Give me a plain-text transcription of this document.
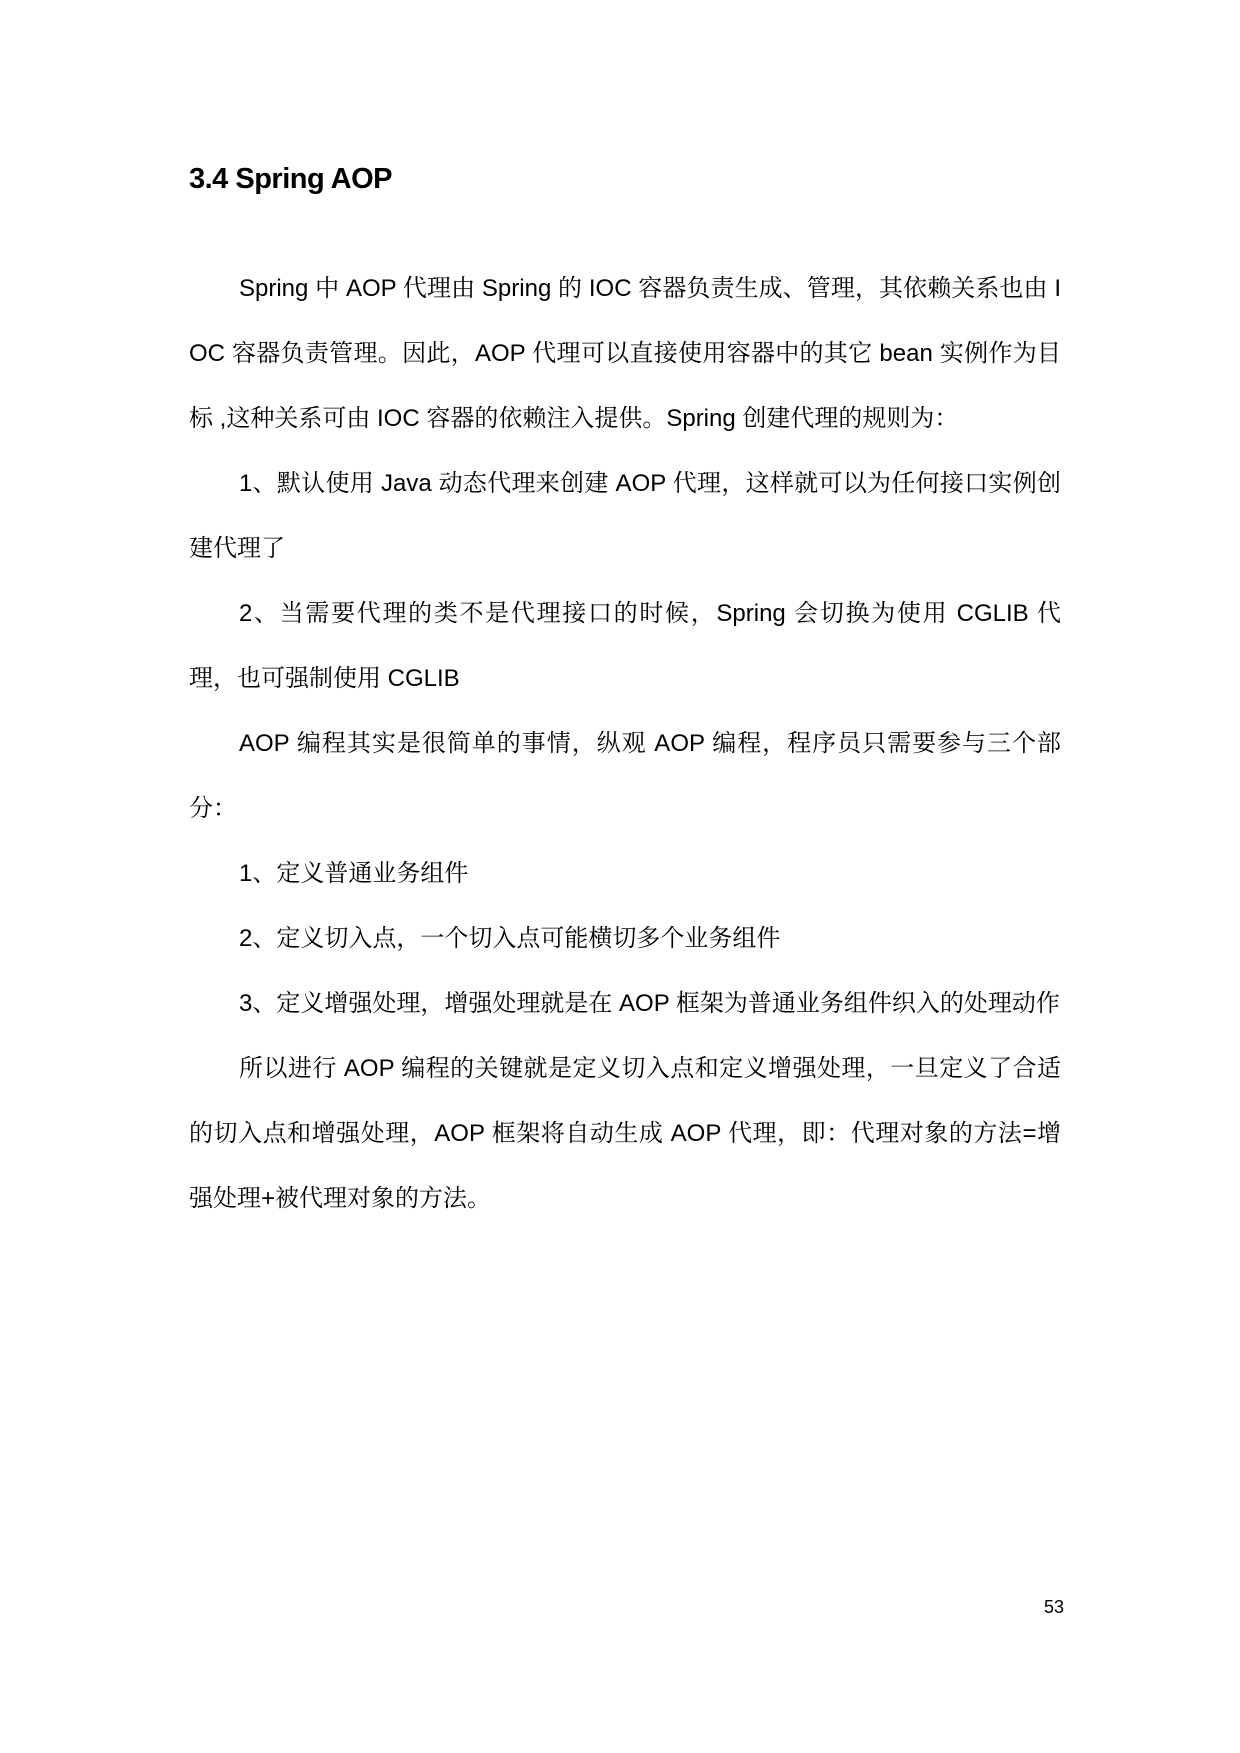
3.4 Spring AOP

Spring 中 AOP 代理由 Spring 的 IOC 容器负责生成、管理，其依赖关系也由 IOC 容器负责管理。因此，AOP 代理可以直接使用容器中的其它 bean 实例作为目标 ,这种关系可由 IOC 容器的依赖注入提供。Spring 创建代理的规则为：

1、默认使用 Java 动态代理来创建 AOP 代理，这样就可以为任何接口实例创建代理了

2、当需要代理的类不是代理接口的时候，Spring 会切换为使用 CGLIB 代理，也可强制使用 CGLIB

AOP 编程其实是很简单的事情，纵观 AOP 编程，程序员只需要参与三个部分：

1、定义普通业务组件

2、定义切入点，一个切入点可能横切多个业务组件

3、定义增强处理，增强处理就是在 AOP 框架为普通业务组件织入的处理动作

所以进行 AOP 编程的关键就是定义切入点和定义增强处理，一旦定义了合适的切入点和增强处理，AOP 框架将自动生成 AOP 代理，即：代理对象的方法=增强处理+被代理对象的方法。

53
